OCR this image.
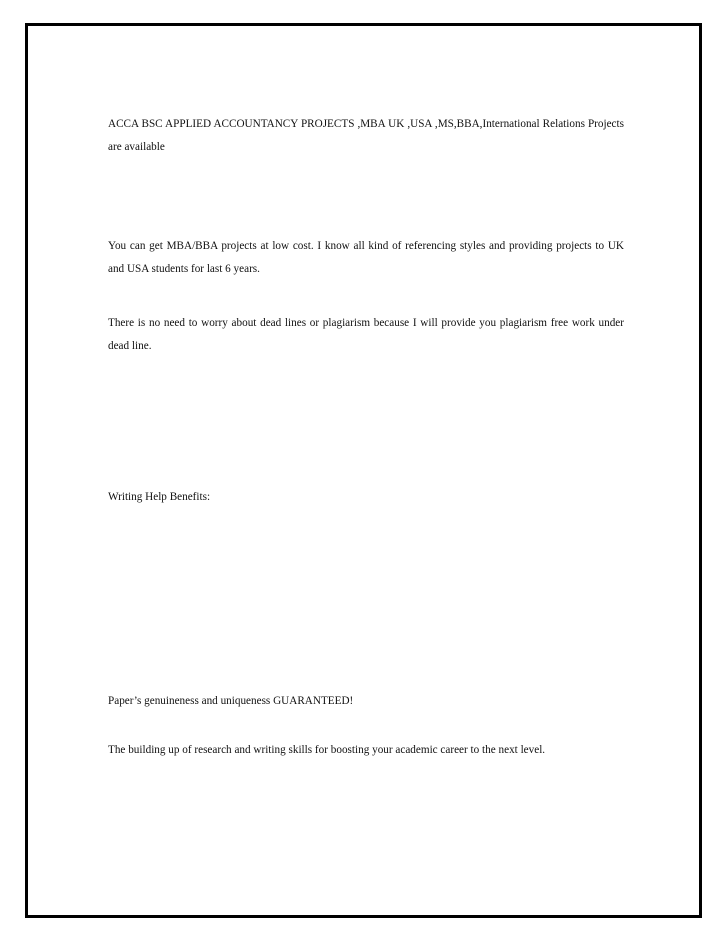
ACCA BSC APPLIED ACCOUNTANCY PROJECTS ,MBA UK ,USA ,MS,BBA,International Relations Projects are available

You can get MBA/BBA projects at low cost. I know all kind of referencing styles and providing projects to UK and USA students for last 6 years.

There is no need to worry about dead lines or plagiarism because I will provide you plagiarism free work under dead line.

Writing Help Benefits:

Paper’s genuineness and uniqueness GUARANTEED!

The building up of research and writing skills for boosting your academic career to the next level.
